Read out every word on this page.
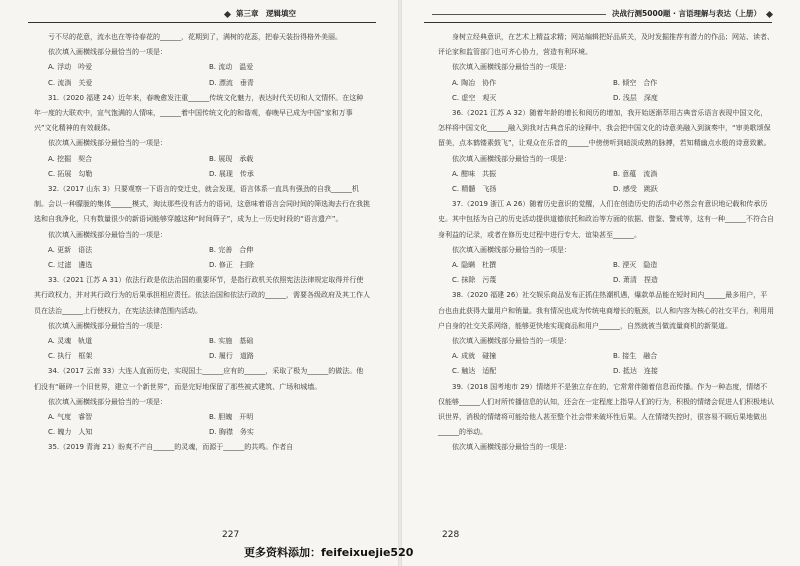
第三章　逻辑填空

亏不尽的花意，流水也在等待春花的______，花期到了，满树的花蕊，把春天装扮得格外美丽。

依次填入画横线部分最恰当的一项是：

A. 浮动　吟爱	B. 流动　温爱
C. 流淌　关爱	D. 漂流　垂青

31.（2020 福建 24）近年来，春晚愈发注重______传统文化魅力，表达时代关切和人文情怀。在这种年一度的大联欢中，宣气饱满的人情味，______着中国传统文化的和谐观，春晚早已成为中国“家和万事兴”文化精神的有效载体。

依次填入画横线部分最恰当的一项是：

A. 挖掘　契合	B. 展现　承载
C. 拓展　勾勒	D. 展现　传承

32.（2017 山东 3）只要观察一下语言的变迁史，就会发现，语言体系一直具有强劲的自我______机制。会以一种朦胧的集体______模式，淘汰那些没有活力的语词，这意味着语言会同时间的筛选淘去行在我挑选和自我净化，只有数量很少的新语词能够穿越这种“时间筛子”，成为上一历史时段的“语言遗产”。

依次填入画横线部分最恰当的一项是：

A. 更新　语法	B. 完善　合伸
C. 过滤　遴选	D. 修正　扫除

33.（2021 江苏 A 31）依法行政是依法治国的重要环节，是指行政机关依照宪法法律规定取得并行使其行政权力，并对其行政行为的后果承担相应责任。依法治国和依法行政的______，需要各级政府及其工作人员在法治______上行使权力，在宪法法律范围内活动。

依次填入画横线部分最恰当的一项是：

A. 灵魂　轨道	B. 实施　基础
C. 执行　框架	D. 履行　道路

34.（2017 云南 33）大连人直面历史，实现国土______应有的______，采取了极为______的做法。他们没有“砸碎一个旧世界，建立一个新世界”，而是完好地保留了那些被式建筑、广场和城墙。

依次填入画横线部分最恰当的一项是：

A. 气度　睿智	B. 胆魄　开明
C. 魄力　人知	D. 胸襟　务实

35.（2019 青海 21）盼爽不产自______的灵魂，而源于______的共鸣。作者自

227
决战行测5000题 · 言语理解与表达（上册）

身树立经典意识，在艺术上精益求精；网站编辑把好品质关，及时发掘推荐有潜力的作品；网站、读者、评论家和监管部门也可齐心协力，营造有利环境。

依次填入画横线部分最恰当的一项是：

A. 陶冶　协作	B. 倾空　合作
C. 虚空　观灭	D. 浅层　深度

36.（2021 江苏 A 32）随着年龄的增长和阅历的增加，我开始逐渐萃用古典音乐语言表现中国文化，怎样将中国文化______融入到我对古典音乐的诠释中，我会把中国文化的诗意美融入到演奏中，“审美歌颂保留美，点本鹤镂素鼓飞”，让观众在乐音的______中傍傍听到暗淡成熟的脉搏，若知精幽点水般的诗意致歉。

依次填入画横线部分最恰当的一项是：

A. 酣味　共振	B. 意蕴　流淌
C. 精髓　飞扬	D. 感受　跳跃

37.（2019 浙江 A 26）随着历史意识的觉醒，人们在创造历史的活动中必然会有意识地记载和传承历史。其中包括为自己的历史活动提供道德依托和政治等方面的依据、借鉴、警戒等，这有一种______不符合自身利益的记录，或者在修历史过程中进行专大、谊染甚至______。

依次填入画横线部分最恰当的一项是：

A. 隐瞒　杜撰	B. 湮灭　隐造
C. 抹除　污蔑	D. 萧清　捏造

38.（2020 福建 26）社交娱乐商品发布正抓住热潮机遇，爆款单品能在短时间内______最多用户，平台也由此获得大量用户和销量。我有情况也成为传统电商增长的瓶颈，以人和内容为核心的社交平台，利用用户自身的社交关系网络，能够更快地实现商品和用户______，自然就被当做流量商机的新渠道。

依次填入画横线部分最恰当的一项是：

A. 成就　碰撞	B. 接生　融合
C. 触达　适配	D. 抵达　连接

39.（2018 国考地市 29）情绪并不是独立存在的，它常常伴随着信息而传播。作为一种态度，情绪不仅能够______人们对所传播信息的认知，还会在一定程度上指导人们的行为，积极的情绪会促进人们积极地认识世界，消极的情绪将可能给他人甚至整个社会带来破坏性后果。人在情绪失控时，很容易不顾后果地做出______的举动。

依次填入画横线部分最恰当的一项是：

228
更多资料添加：feifeixuejie520
